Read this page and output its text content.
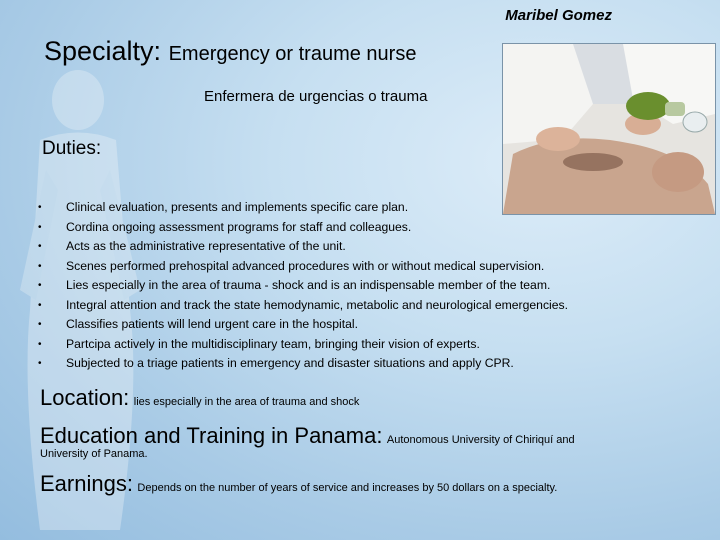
Maribel Gomez
Specialty: Emergency or traume nurse
Enfermera de urgencias o trauma
Duties:
• Clinical evaluation, presents and implements specific care plan.
• Cordina ongoing assessment programs for staff and colleagues.
• Acts as the administrative representative of the unit.
• Scenes performed prehospital advanced procedures with or without medical supervision.
• Lies especially in the area of trauma - shock and is an indispensable member of the team.
• Integral attention and track the state hemodynamic, metabolic and neurological emergencies.
• Classifies patients will lend urgent care in the hospital.
• Partcipa actively in the multidisciplinary team, bringing their vision of experts.
• Subjected to a triage patients in emergency and disaster situations and apply CPR.
Location: lies especially in the area of trauma and shock
Education and Training in Panama: Autonomous University of Chiriquí and
University of Panama.
Earnings: Depends on the number of years of service and increases by 50 dollars on a specialty.
